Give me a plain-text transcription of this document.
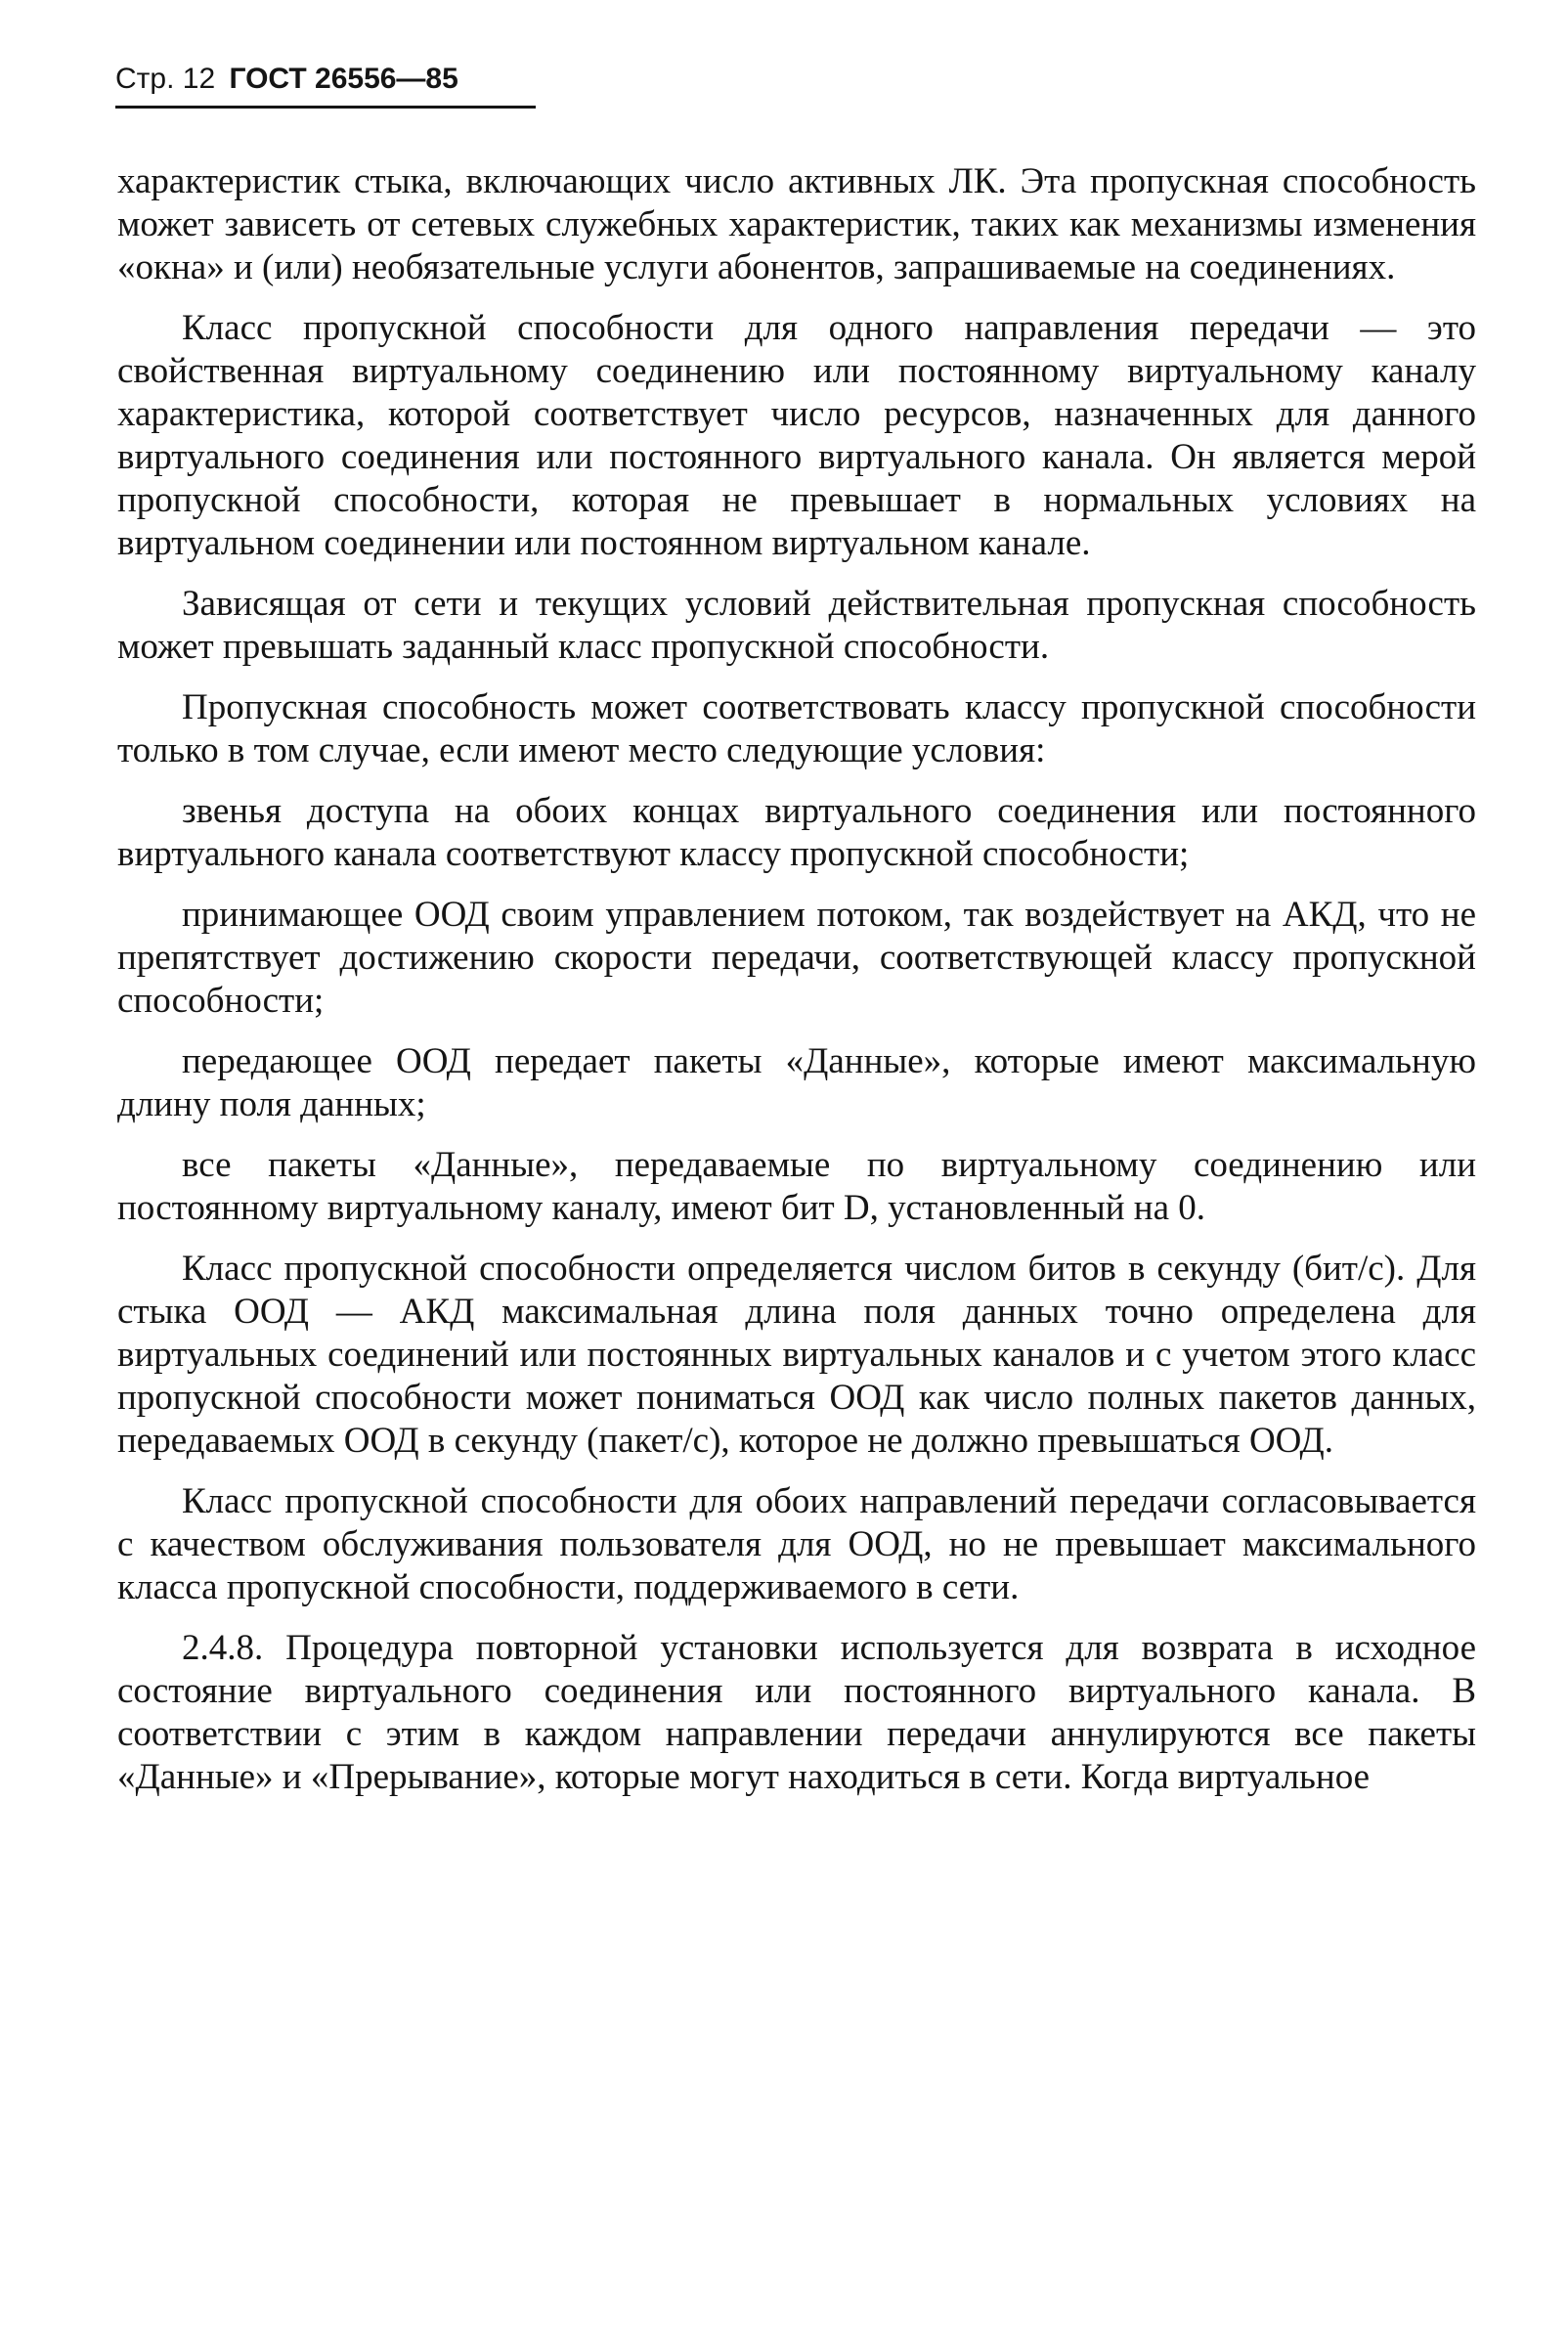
Стр. 12 ГОСТ 26556—85

характеристик стыка, включающих число активных ЛК. Эта пропускная способность может зависеть от сетевых служебных характеристик, таких как механизмы изменения «окна» и (или) необязательные услуги абонентов, запрашиваемые на соединениях.

Класс пропускной способности для одного направления передачи — это свойственная виртуальному соединению или постоянному виртуальному каналу характеристика, которой соответствует число ресурсов, назначенных для данного виртуального соединения или постоянного виртуального канала. Он является мерой пропускной способности, которая не превышает в нормальных условиях на виртуальном соединении или постоянном виртуальном канале.

Зависящая от сети и текущих условий действительная пропускная способность может превышать заданный класс пропускной способности.

Пропускная способность может соответствовать классу пропускной способности только в том случае, если имеют место следующие условия:

звенья доступа на обоих концах виртуального соединения или постоянного виртуального канала соответствуют классу пропускной способности;

принимающее ООД своим управлением потоком, так воздействует на АКД, что не препятствует достижению скорости передачи, соответствующей классу пропускной способности;

передающее ООД передает пакеты «Данные», которые имеют максимальную длину поля данных;

все пакеты «Данные», передаваемые по виртуальному соединению или постоянному виртуальному каналу, имеют бит D, установленный на 0.

Класс пропускной способности определяется числом битов в секунду (бит/с). Для стыка ООД — АКД максимальная длина поля данных точно определена для виртуальных соединений или постоянных виртуальных каналов и с учетом этого класс пропускной способности может пониматься ООД как число полных пакетов данных, передаваемых ООД в секунду (пакет/с), которое не должно превышаться ООД.

Класс пропускной способности для обоих направлений передачи согласовывается с качеством обслуживания пользователя для ООД, но не превышает максимального класса пропускной способности, поддерживаемого в сети.

2.4.8. Процедура повторной установки используется для возврата в исходное состояние виртуального соединения или постоянного виртуального канала. В соответствии с этим в каждом направлении передачи аннулируются все пакеты «Данные» и «Прерывание», которые могут находиться в сети. Когда виртуальное
